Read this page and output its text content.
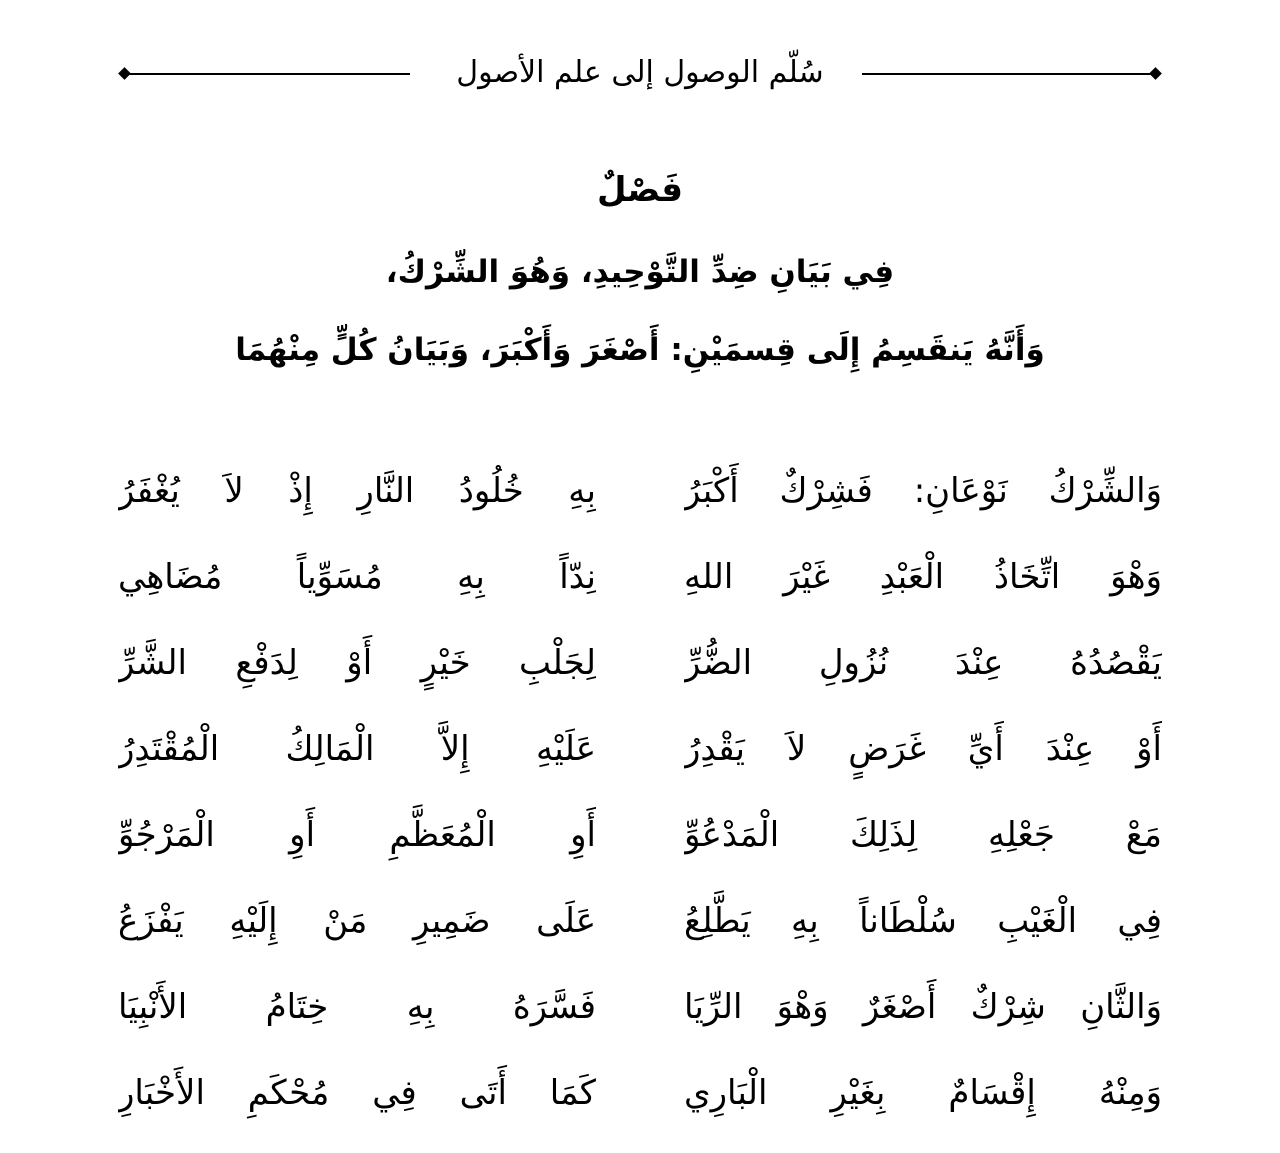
سُلّم الوصول إلى علم الأصول
فَصْلٌ
فِي بَيَانِ ضِدِّ التَّوْحِيدِ، وَهُوَ الشِّرْكُ،
وَأَنَّهُ يَنقَسِمُ إِلَى قِسمَيْنِ: أَصْغَرَ وَأَكْبَرَ، وَبَيَانُ كُلٍّ مِنْهُمَا
وَالشِّرْكُ نَوْعَانِ: فَشِرْكٌ أَكْبَرُ
بِهِ خُلُودُ النَّارِ إِذْ لاَ يُغْفَرُ
وَهْوَ اتِّخَاذُ الْعَبْدِ غَيْرَ اللهِ
نِدّاً بِهِ مُسَوِّياً مُضَاهِي
يَقْصُدُهُ عِنْدَ نُزُولِ الضُّرِّ
لِجَلْبِ خَيْرٍ أَوْ لِدَفْعِ الشَّرِّ
أَوْ عِنْدَ أَيِّ غَرَضٍ لاَ يَقْدِرُ
عَلَيْهِ إِلاَّ الْمَالِكُ الْمُقْتَدِرُ
مَعْ جَعْلِهِ لِذَلِكَ الْمَدْعُوِّ
أَوِ الْمُعَظَّمِ أَوِ الْمَرْجُوِّ
فِي الْغَيْبِ سُلْطَاناً بِهِ يَطَّلِعُ
عَلَى ضَمِيرِ مَنْ إِلَيْهِ يَفْزَعُ
وَالثَّانِ شِرْكٌ أَصْغَرٌ وَهْوَ الرِّيَا
فَسَّرَهُ بِهِ خِتَامُ الأَنْبِيَا
وَمِنْهُ إِقْسَامٌ بِغَيْرِ الْبَارِي
كَمَا أَتَى فِي مُحْكَمِ الأَخْبَارِ
